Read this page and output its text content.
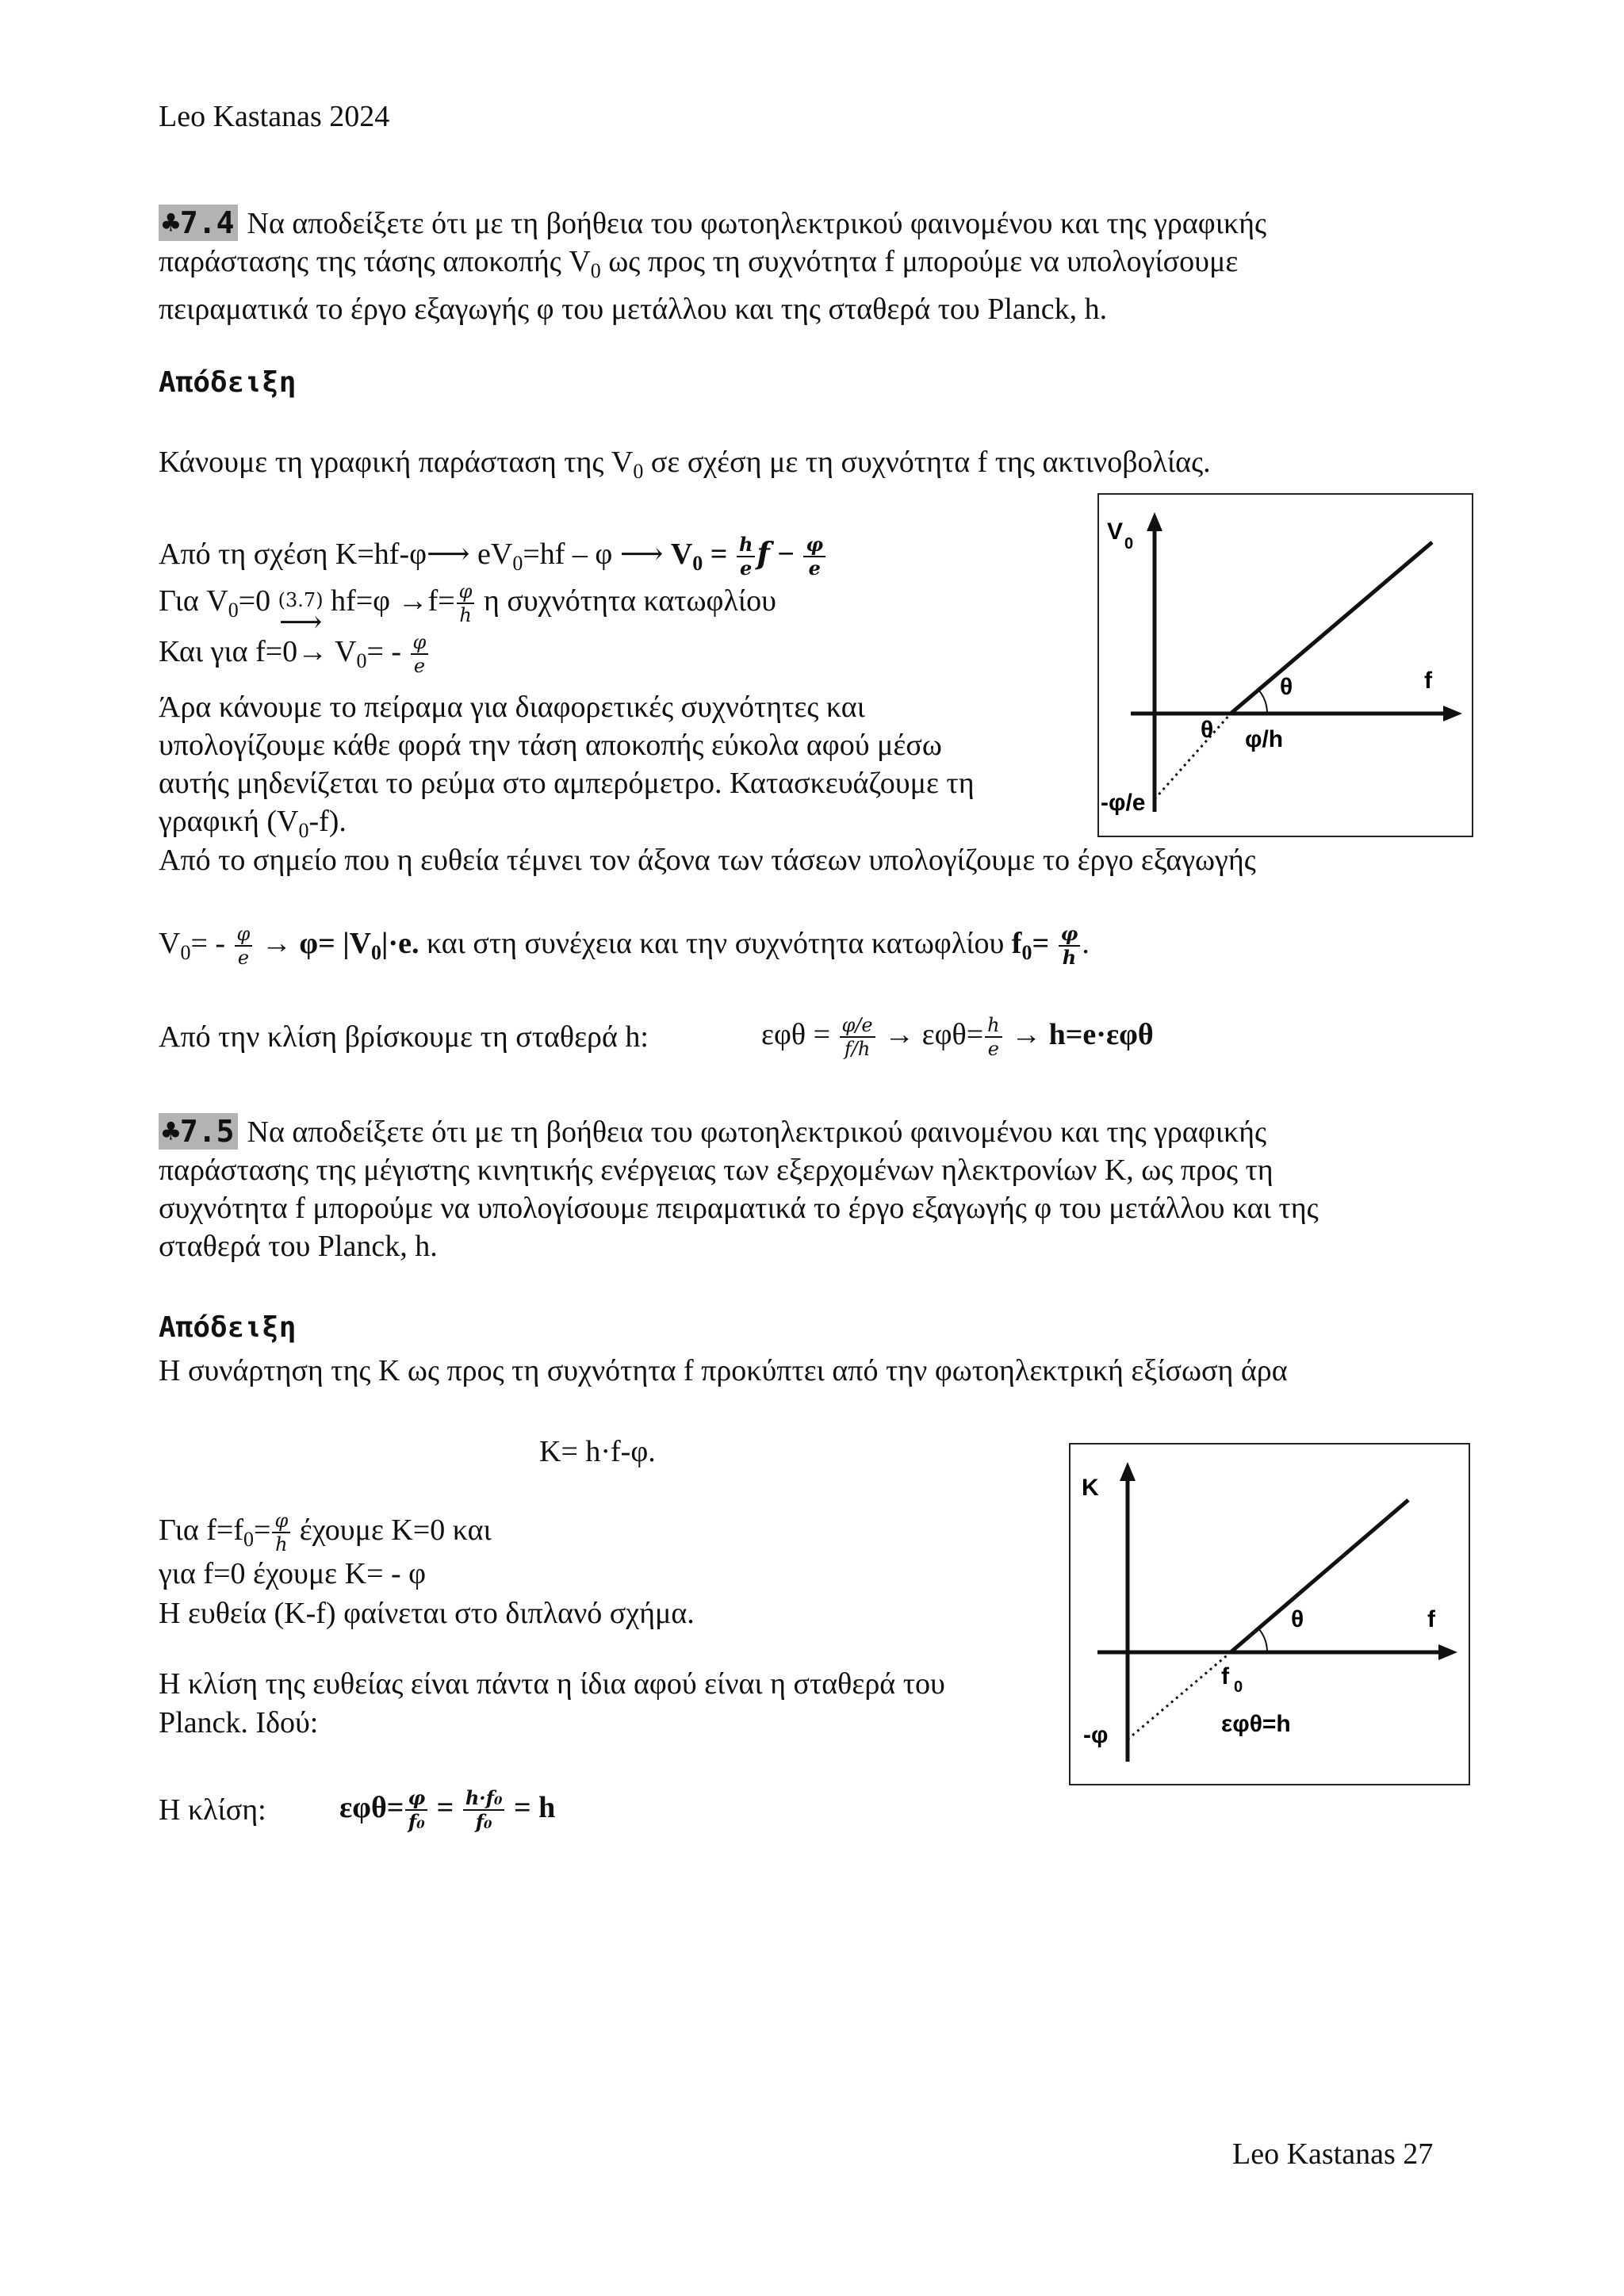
Leo Kastanas 2024
♣7.4 Να αποδείξετε ότι με τη βοήθεια του φωτοηλεκτρικού φαινομένου και της γραφικής
παράστασης της τάσης αποκοπής $V_0$ ως προς τη συχνότητα f μπορούμε να υπολογίσουμε
πειραματικά το έργο εξαγωγής φ του μετάλλου και της σταθερά του Planck, h.
Απόδειξη
Κάνουμε τη γραφική παράσταση της $V_0$ σε σχέση με τη συχνότητα f της ακτινοβολίας.
Από τη σχέση K=hf-φ⟶ $eV_0=hf - \varphi$ ⟶ $V_0 = \frac{h}{e}$ $f - \frac{\varphi}{e}$
Για $V_0=0$ (3.7)
⟶
$hf=\varphi \to f= \frac{\varphi}{h}$ η συχνότητα κατωφλίου
Και για $f=0\to V_0= - \frac{\varphi}{e}$
Άρα κάνουμε το πείραμα για διαφορετικές συχνότητες και
υπολογίζουμε κάθε φορά την τάση αποκοπής εύκολα αφού μέσω
αυτής μηδενίζεται το ρεύμα στο αμπερόμετρο. Κατασκευάζουμε τη
γραφική $(V_0-f)$.
Από το σημείο που η ευθεία τέμνει τον άξονα των τάσεων υπολογίζουμε το έργο εξαγωγής
$V_0= - \frac{\varphi}{e} \to \varphi= |V_0|\cdot e$. και στη συνέχεια και την συχνότητα κατωφλίου $f_0= \frac{\varphi}{h}$ .
Από την κλίση βρίσκουμε τη σταθερά h:	$\varepsilon\varphi\theta = \frac{\varphi/e}{f/h} \to \varepsilon\varphi\theta= \frac{h}{e} \to h=e\cdot\varepsilon\varphi\theta$
V 0
f
θ
θ φ/h
-φ/e
♣7.5 Να αποδείξετε ότι με τη βοήθεια του φωτοηλεκτρικού φαινομένου και της γραφικής
παράστασης της μέγιστης κινητικής ενέργειας των εξερχομένων ηλεκτρονίων K, ως προς τη
συχνότητα f μπορούμε να υπολογίσουμε πειραματικά το έργο εξαγωγής φ του μετάλλου και της
σταθερά του Planck, h.
Απόδειξη
Η συνάρτηση της K ως προς τη συχνότητα f προκύπτει από την φωτοηλεκτρική εξίσωση άρα
K= h·f-φ.
Για $f=f_0= \frac{\varphi}{h}$ έχουμε K=0 και
για f=0 έχουμε K= - φ
Η ευθεία (K-f) φαίνεται στο διπλανό σχήμα.
Η κλίση της ευθείας είναι πάντα η ίδια αφού είναι η σταθερά του
Planck. Ιδού:
Η κλίση: $\varepsilon\varphi\theta= \frac{\varphi}{\text{f₀}} = \frac{\text{h·f₀}}{\text{f₀}} = h$
K
f
θ
f 0
-φ	εφθ=h
Leo Kastanas 27
